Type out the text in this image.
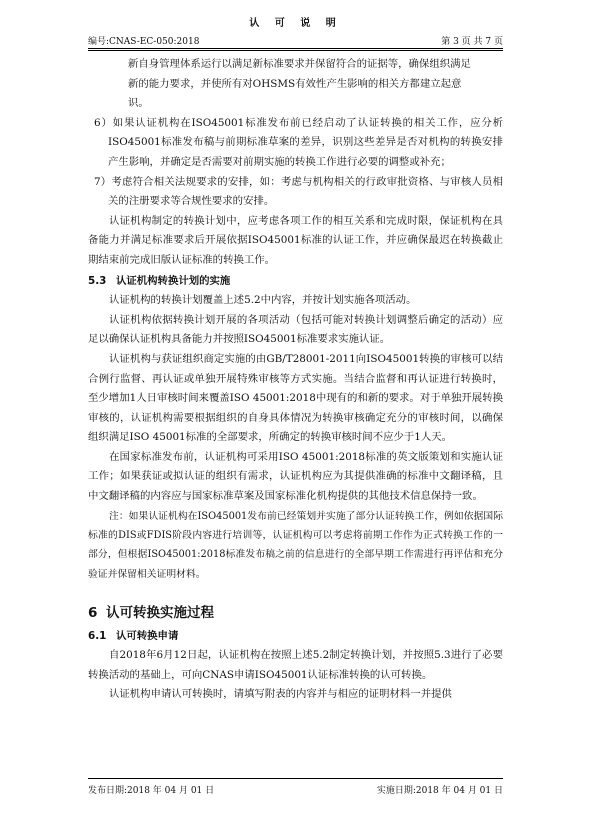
认 可 说 明
编号:CNAS-EC-050:2018	第 3 页 共 7 页

新自身管理体系运行以满足新标准要求并保留符合的证据等，确保组织满足

新的能力要求，并使所有对OHSMS有效性产生影响的相关方都建立起意

识。

6）如果认证机构在ISO45001标准发布前已经启动了认证转换的相关工作，应分析ISO45001标准发布稿与前期标准草案的差异，识别这些差异是否对机构的转换安排产生影响，并确定是否需要对前期实施的转换工作进行必要的调整或补充；

7）考虑符合相关法规要求的安排，如：考虑与机构相关的行政审批资格、与审核人员相关的注册要求等合规性要求的安排。

认证机构制定的转换计划中，应考虑各项工作的相互关系和完成时限，保证机构在具备能力并满足标准要求后开展依据ISO45001标准的认证工作，并应确保最迟在转换截止期结束前完成旧版认证标准的转换工作。

5.3 认证机构转换计划的实施

认证机构的转换计划覆盖上述5.2中内容，并按计划实施各项活动。

认证机构依据转换计划开展的各项活动（包括可能对转换计划调整后确定的活动）应足以确保认证机构具备能力并按照ISO45001标准要求实施认证。

认证机构与获证组织商定实施的由GB/T28001-2011向ISO45001转换的审核可以结合例行监督、再认证或单独开展特殊审核等方式实施。当结合监督和再认证进行转换时，至少增加1人日审核时间来覆盖ISO 45001:2018中现有的和新的要求。对于单独开展转换审核的，认证机构需要根据组织的自身具体情况为转换审核确定充分的审核时间，以确保组织满足ISO 45001标准的全部要求，所确定的转换审核时间不应少于1人天。

在国家标准发布前，认证机构可采用ISO 45001:2018标准的英文版策划和实施认证工作；如果获证或拟认证的组织有需求，认证机构应为其提供准确的标准中文翻译稿，且中文翻译稿的内容应与国家标准草案及国家标准化机构提供的其他技术信息保持一致。

注：如果认证机构在ISO45001发布前已经策划并实施了部分认证转换工作，例如依据国际标准的DIS或FDIS阶段内容进行培训等，认证机构可以考虑将前期工作作为正式转换工作的一部分，但根据ISO45001:2018标准发布稿之前的信息进行的全部早期工作需进行再评估和充分验证并保留相关证明材料。

6 认可转换实施过程
6.1 认可转换申请

自2018年6月12日起，认证机构在按照上述5.2制定转换计划，并按照5.3进行了必要转换活动的基础上，可向CNAS申请ISO45001认证标准转换的认可转换。

认证机构申请认可转换时，请填写附表的内容并与相应的证明材料一并提供

发布日期:2018 年 04 月 01 日	实施日期:2018 年 04 月 01 日
